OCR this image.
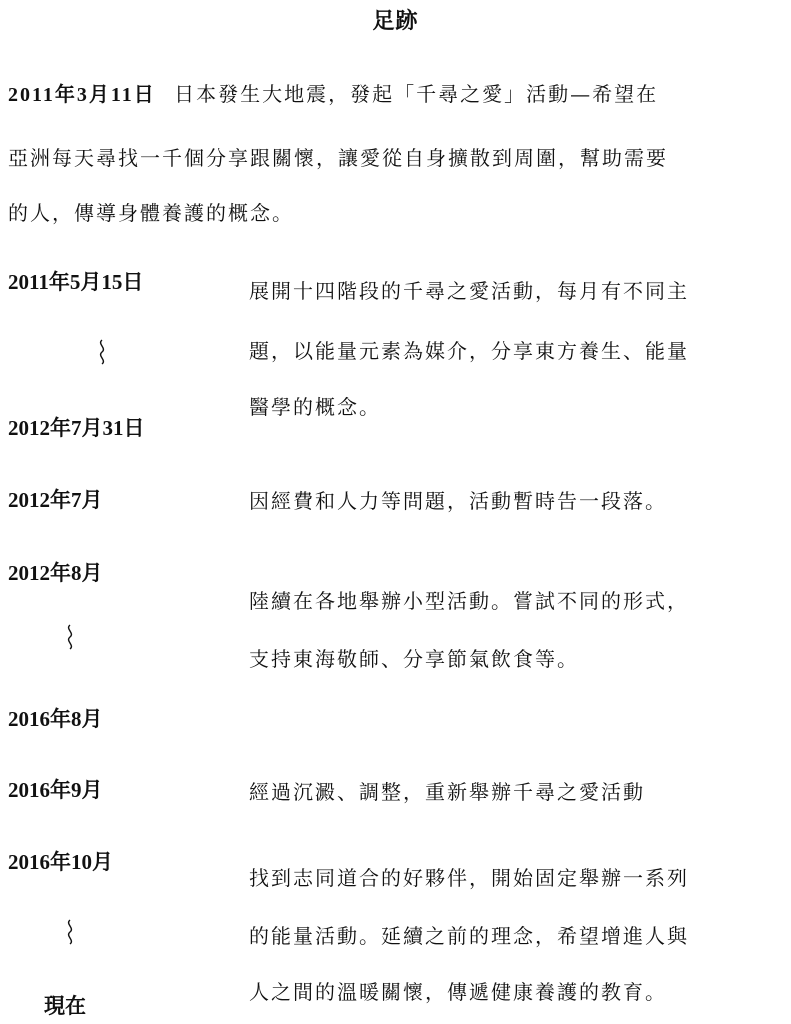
足跡
2011年3月11日 日本發生大地震，發起「千尋之愛」活動—希望在
亞洲每天尋找一千個分享跟關懷，讓愛從自身擴散到周圍，幫助需要
的人，傳導身體養護的概念。
2011年5月15日
2012年7月31日
展開十四階段的千尋之愛活動，每月有不同主
題，以能量元素為媒介，分享東方養生、能量
醫學的概念。
2012年7月	因經費和人力等問題，活動暫時告一段落。
2012年8月
2016年8月
陸續在各地舉辦小型活動。嘗試不同的形式，
支持東海敬師、分享節氣飲食等。
2016年9月	經過沉澱、調整，重新舉辦千尋之愛活動
2016年10月
現在
找到志同道合的好夥伴，開始固定舉辦一系列
的能量活動。延續之前的理念，希望增進人與
人之間的溫暖關懷，傳遞健康養護的教育。
